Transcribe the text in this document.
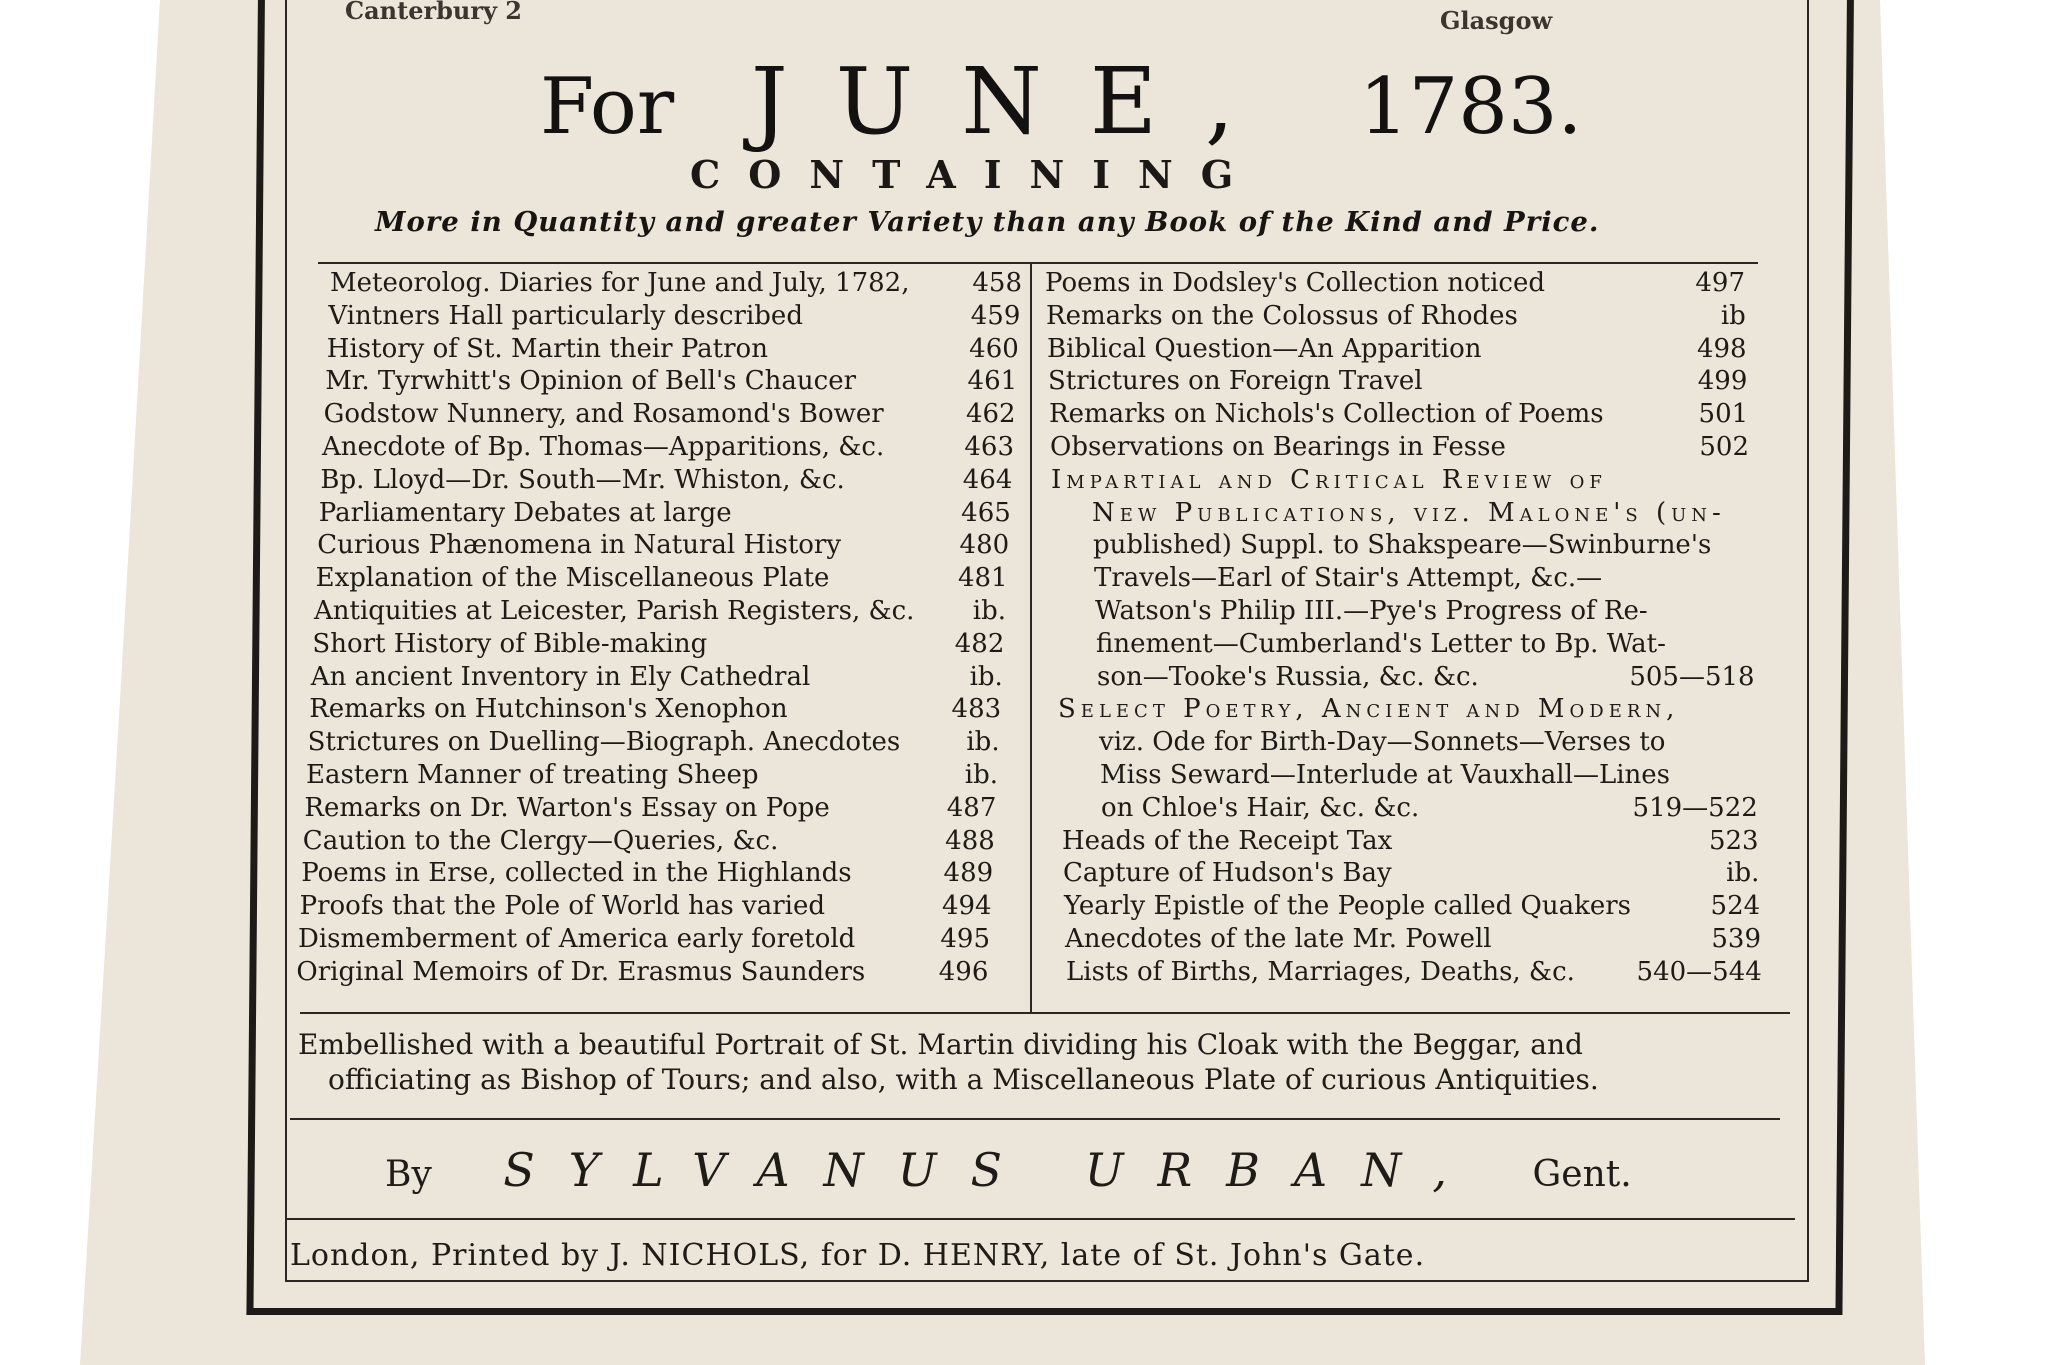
Canterbury 2	Glasgow
For JUNE, 1783.
CONTAINING
More in Quantity and greater Variety than any Book of the Kind and Price.
Meteorolog. Diaries for June and July, 1782, 458
Vintners Hall particularly described	459
History of St. Martin their Patron	460
Mr. Tyrwhitt's Opinion of Bell's Chaucer	461
Godstow Nunnery, and Rosamond's Bower	462
Anecdote of Bp. Thomas—Apparitions, &c.	463
Bp. Lloyd—Dr. South—Mr. Whiston, &c.	464
Parliamentary Debates at large	465
Curious Phænomena in Natural History	480
Explanation of the Miscellaneous Plate	481
Antiquities at Leicester, Parish Registers, &c. ib.
Short History of Bible-making	482
An ancient Inventory in Ely Cathedral	ib.
Remarks on Hutchinson's Xenophon	483
Strictures on Duelling—Biograph. Anecdotes	ib.
Eastern Manner of treating Sheep	ib.
Remarks on Dr. Warton's Essay on Pope	487
Caution to the Clergy—Queries, &c.	488
Poems in Erse, collected in the Highlands	489
Proofs that the Pole of World has varied	494
Dismemberment of America early foretold	495
Original Memoirs of Dr. Erasmus Saunders	496
Poems in Dodsley's Collection noticed	497
Remarks on the Colossus of Rhodes	ib
Biblical Question—An Apparition	498
Strictures on Foreign Travel	499
Remarks on Nichols's Collection of Poems	501
Observations on Bearings in Fesse	502
Impartial and Critical Review of
New Publications, viz. Malone's (un-
published) Suppl. to Shakspeare—Swinburne's
Travels—Earl of Stair's Attempt, &c.—
Watson's Philip III.—Pye's Progress of Re-
finement—Cumberland's Letter to Bp. Wat-
son—Tooke's Russia, &c. &c.	505—518
Select Poetry, Ancient and Modern,
viz. Ode for Birth-Day—Sonnets—Verses to
Miss Seward—Interlude at Vauxhall—Lines
on Chloe's Hair, &c. &c.	519—522
Heads of the Receipt Tax	523
Capture of Hudson's Bay	ib.
Yearly Epistle of the People called Quakers	524
Anecdotes of the late Mr. Powell	539
Lists of Births, Marriages, Deaths, &c. 540—544
Embellished with a beautiful Portrait of St. Martin dividing his Cloak with the Beggar, and
officiating as Bishop of Tours; and also, with a Miscellaneous Plate of curious Antiquities.
By SYLVANUS URBAN, Gent.
London, Printed by J. NICHOLS, for D. HENRY, late of St. John's Gate.
